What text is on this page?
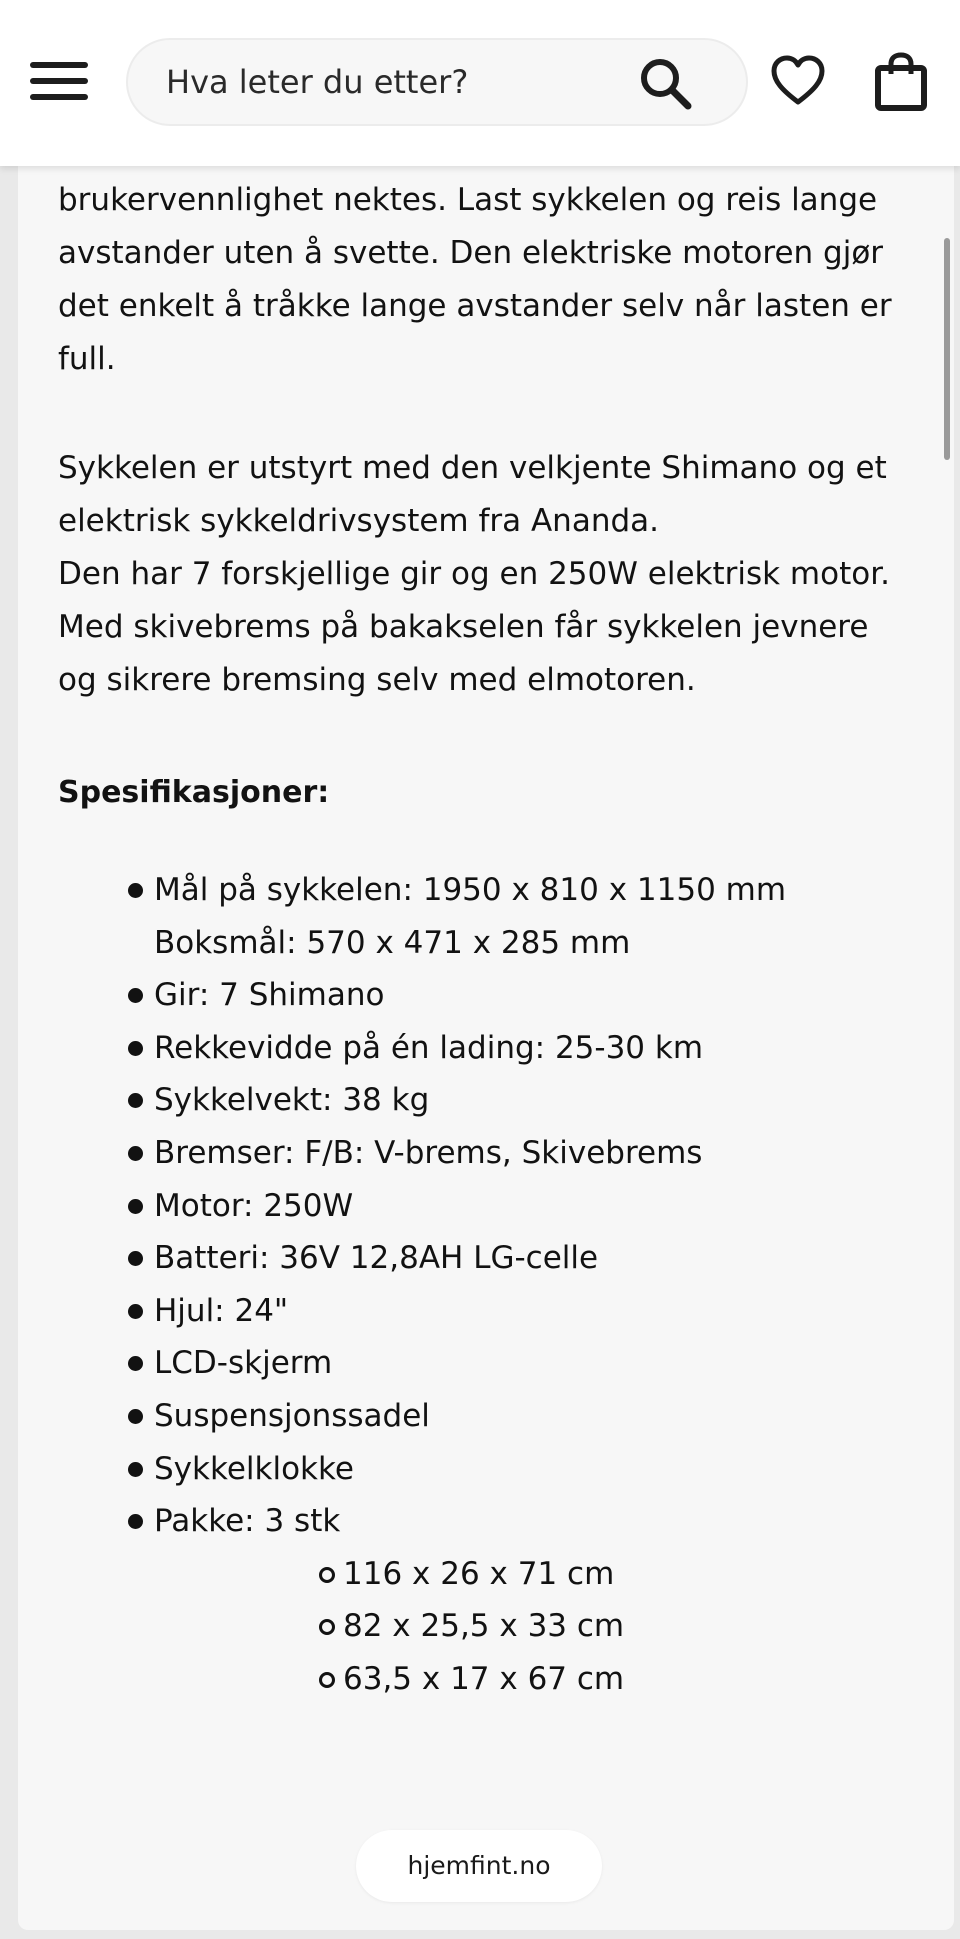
Hva leter du etter?

brukervennlighet nektes. Last sykkelen og reis lange
avstander uten å svette. Den elektriske motoren gjør
det enkelt å tråkke lange avstander selv når lasten er
full.

Sykkelen er utstyrt med den velkjente Shimano og et
elektrisk sykkeldrivsystem fra Ananda.
Den har 7 forskjellige gir og en 250W elektrisk motor.
Med skivebrems på bakakselen får sykkelen jevnere
og sikrere bremsing selv med elmotoren.

Spesifikasjoner:
Mål på sykkelen: 1950 x 810 x 1150 mm
Boksmål: 570 x 471 x 285 mm
Gir: 7 Shimano
Rekkevidde på én lading: 25-30 km
Sykkelvekt: 38 kg
Bremser: F/B: V-brems, Skivebrems
Motor: 250W
Batteri: 36V 12,8AH LG-celle
Hjul: 24"
LCD-skjerm
Suspensjonssadel
Sykkelklokke
Pakke: 3 stk
116 x 26 x 71 cm
82 x 25,5 x 33 cm
63,5 x 17 x 67 cm
hjemfint.no
